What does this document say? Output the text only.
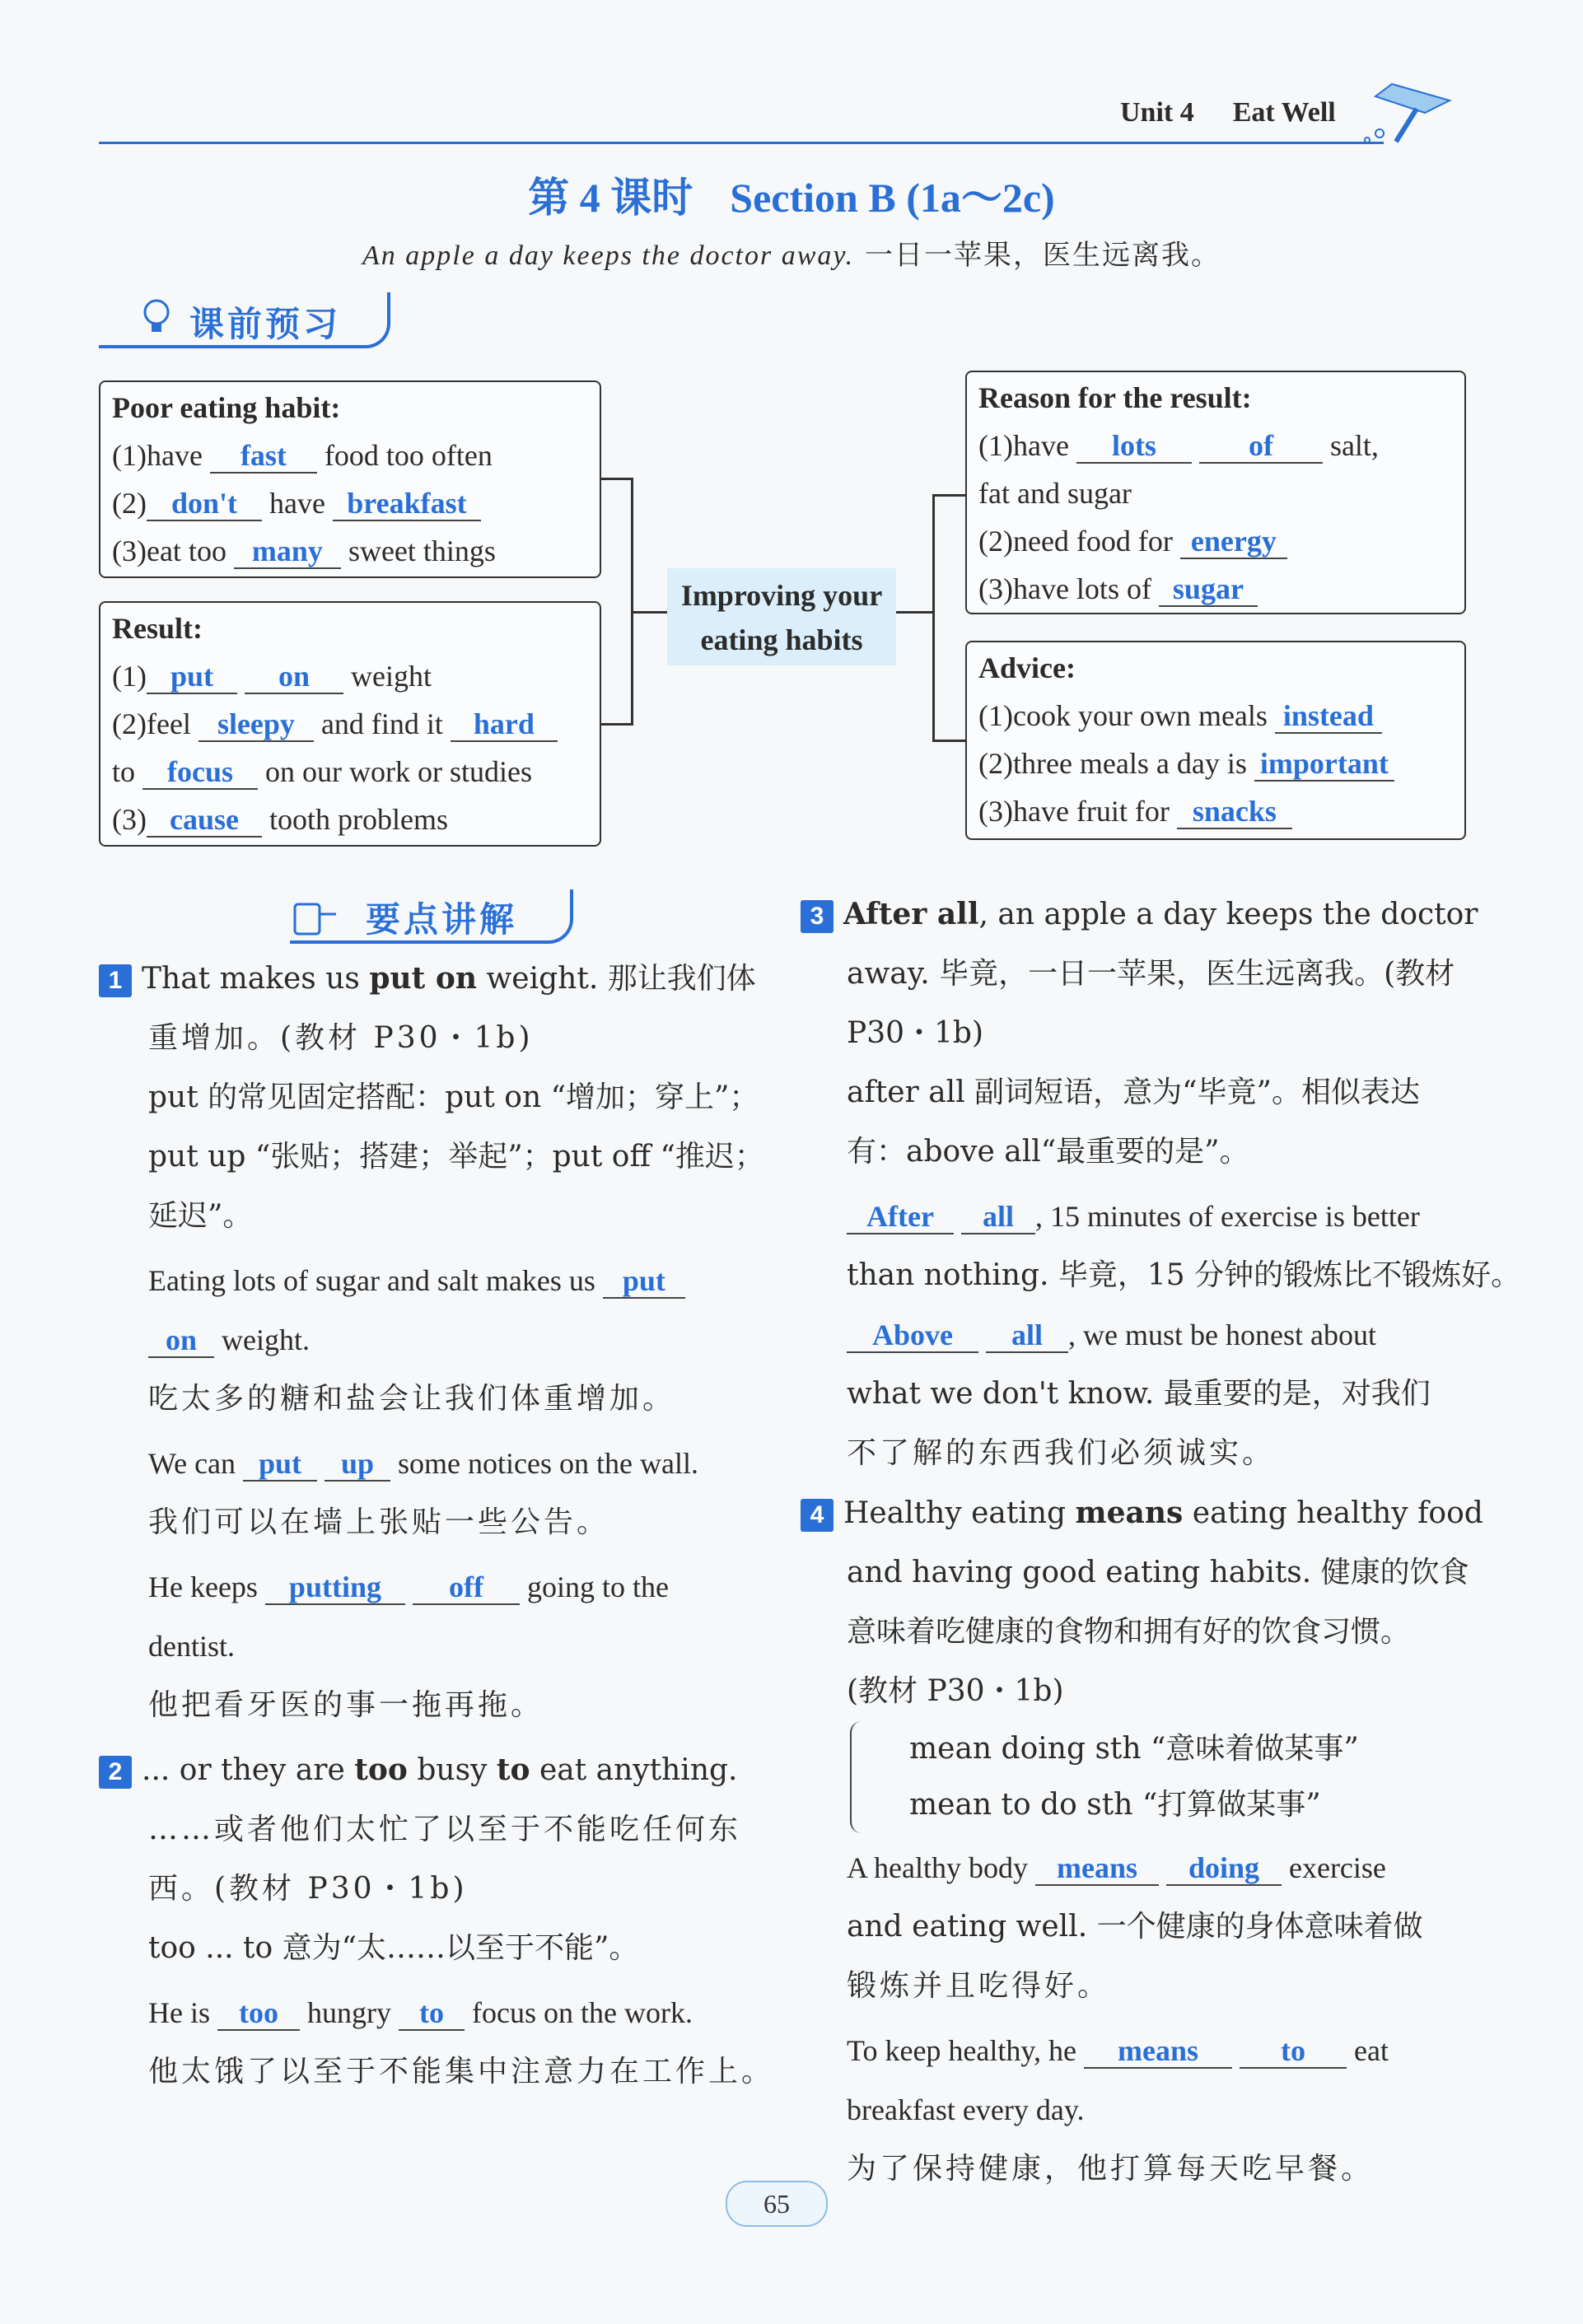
Unit 4 Eat Well
第 4 课时 Section B (1a～2c)
An apple a day keeps the doctor away. 一日一苹果，医生远离我。
课前预习
Poor eating habit:
(1)have fast food too often
(2) don't have breakfast
(3)eat too many sweet things
Result:
(1) put on weight
(2)feel sleepy and find it hard
to focus on our work or studies
(3) cause tooth problems
Improving your
eating habits
Reason for the result:
(1)have lots	of salt,
fat and sugar
(2)need food for energy
(3)have lots of sugar
Advice:
(1)cook your own meals instead
(2)three meals a day is important
(3)have fruit for snacks
要点讲解
1 That makes us put on weight. 那让我们体
重增加。(教材 P30・1b)
put 的常见固定搭配：put on “增加；穿上”；
put up “张贴；搭建；举起”；put off “推迟；
延迟”。
Eating lots of sugar and salt makes us put
on weight.
吃太多的糖和盐会让我们体重增加。
We can put up some notices on the wall.
我们可以在墙上张贴一些公告。
He keeps putting off going to the
dentist.
他把看牙医的事一拖再拖。
2 ... or they are too busy to eat anything.
……或者他们太忙了以至于不能吃任何东
西。(教材 P30・1b)
too ... to 意为“太……以至于不能”。
He is too hungry to focus on the work.
他太饿了以至于不能集中注意力在工作上。
3 After all, an apple a day keeps the doctor
away. 毕竟，一日一苹果，医生远离我。(教材
P30・1b)
after all 副词短语，意为“毕竟”。相似表达
有：above all“最重要的是”。
After all , 15 minutes of exercise is better
than nothing. 毕竟，15 分钟的锻炼比不锻炼好。
Above all , we must be honest about
what we don't know. 最重要的是，对我们
不了解的东西我们必须诚实。
4 Healthy eating means eating healthy food
and having good eating habits. 健康的饮食
意味着吃健康的食物和拥有好的饮食习惯。
(教材 P30・1b)
mean doing sth “意味着做某事”
mean to do sth “打算做某事”
A healthy body means doing exercise
and eating well. 一个健康的身体意味着做
锻炼并且吃得好。
To keep healthy, he means	to eat
breakfast every day.
为了保持健康，他打算每天吃早餐。
65
